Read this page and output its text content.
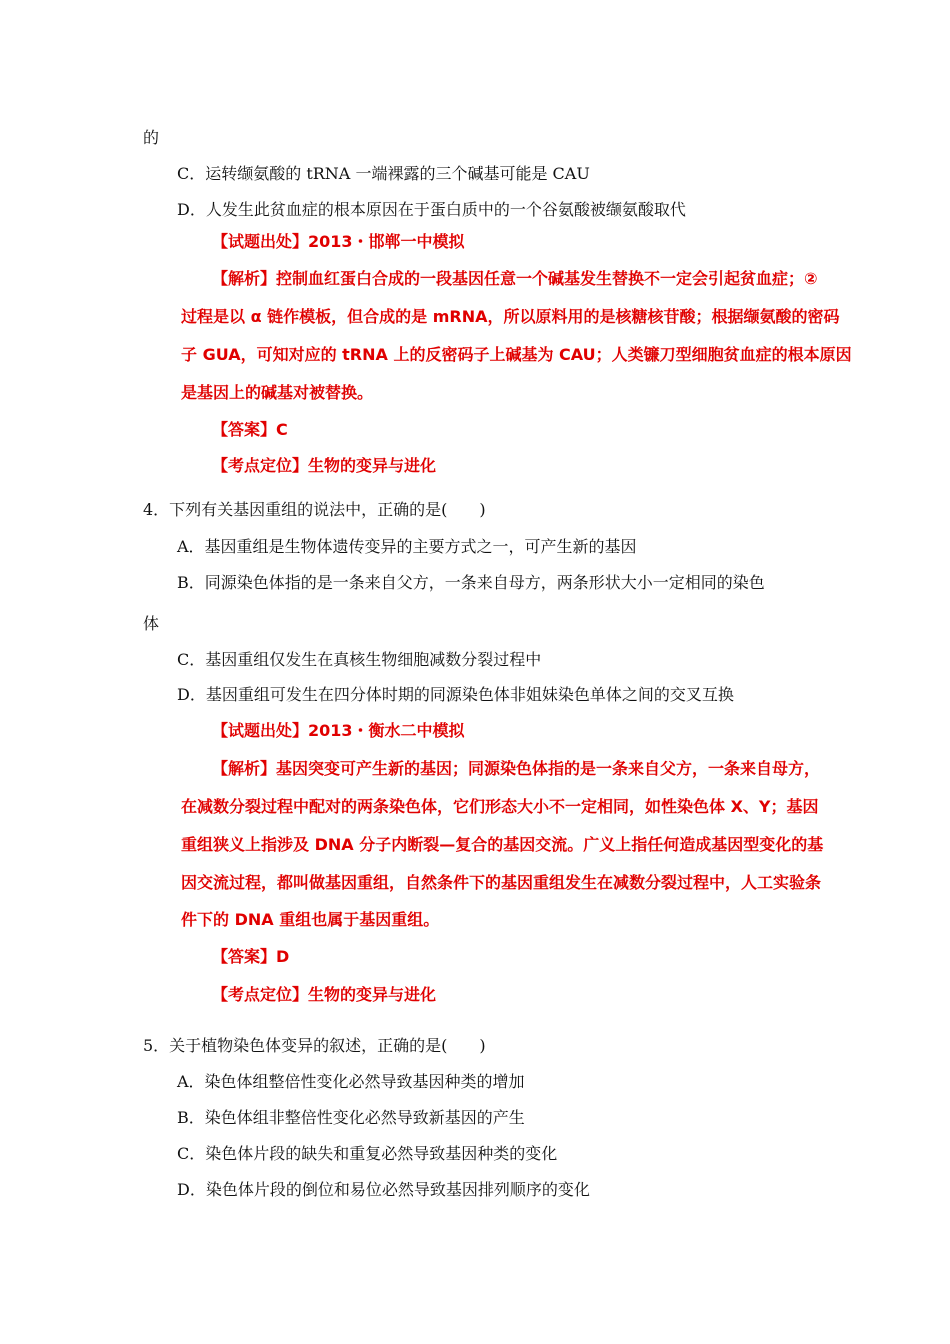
的
C．运转缬氨酸的 tRNA 一端裸露的三个碱基可能是 CAU
D．人发生此贫血症的根本原因在于蛋白质中的一个谷氨酸被缬氨酸取代
【试题出处】2013・邯郸一中模拟
【解析】控制血红蛋白合成的一段基因任意一个碱基发生替换不一定会引起贫血症；②
过程是以 α 链作模板，但合成的是 mRNA，所以原料用的是核糖核苷酸；根据缬氨酸的密码
子 GUA，可知对应的 tRNA 上的反密码子上碱基为 CAU；人类镰刀型细胞贫血症的根本原因
是基因上的碱基对被替换。
【答案】C
【考点定位】生物的变异与进化
4．下列有关基因重组的说法中，正确的是(　　)
A．基因重组是生物体遗传变异的主要方式之一，可产生新的基因
B．同源染色体指的是一条来自父方，一条来自母方，两条形状大小一定相同的染色
体
C．基因重组仅发生在真核生物细胞减数分裂过程中
D．基因重组可发生在四分体时期的同源染色体非姐妹染色单体之间的交叉互换
【试题出处】2013・衡水二中模拟
【解析】基因突变可产生新的基因；同源染色体指的是一条来自父方，一条来自母方，
在减数分裂过程中配对的两条染色体，它们形态大小不一定相同，如性染色体 X、Y；基因
重组狭义上指涉及 DNA 分子内断裂—复合的基因交流。广义上指任何造成基因型变化的基
因交流过程，都叫做基因重组，自然条件下的基因重组发生在减数分裂过程中，人工实验条
件下的 DNA 重组也属于基因重组。
【答案】D
【考点定位】生物的变异与进化
5．关于植物染色体变异的叙述，正确的是(　　)
A．染色体组整倍性变化必然导致基因种类的增加
B．染色体组非整倍性变化必然导致新基因的产生
C．染色体片段的缺失和重复必然导致基因种类的变化
D．染色体片段的倒位和易位必然导致基因排列顺序的变化
